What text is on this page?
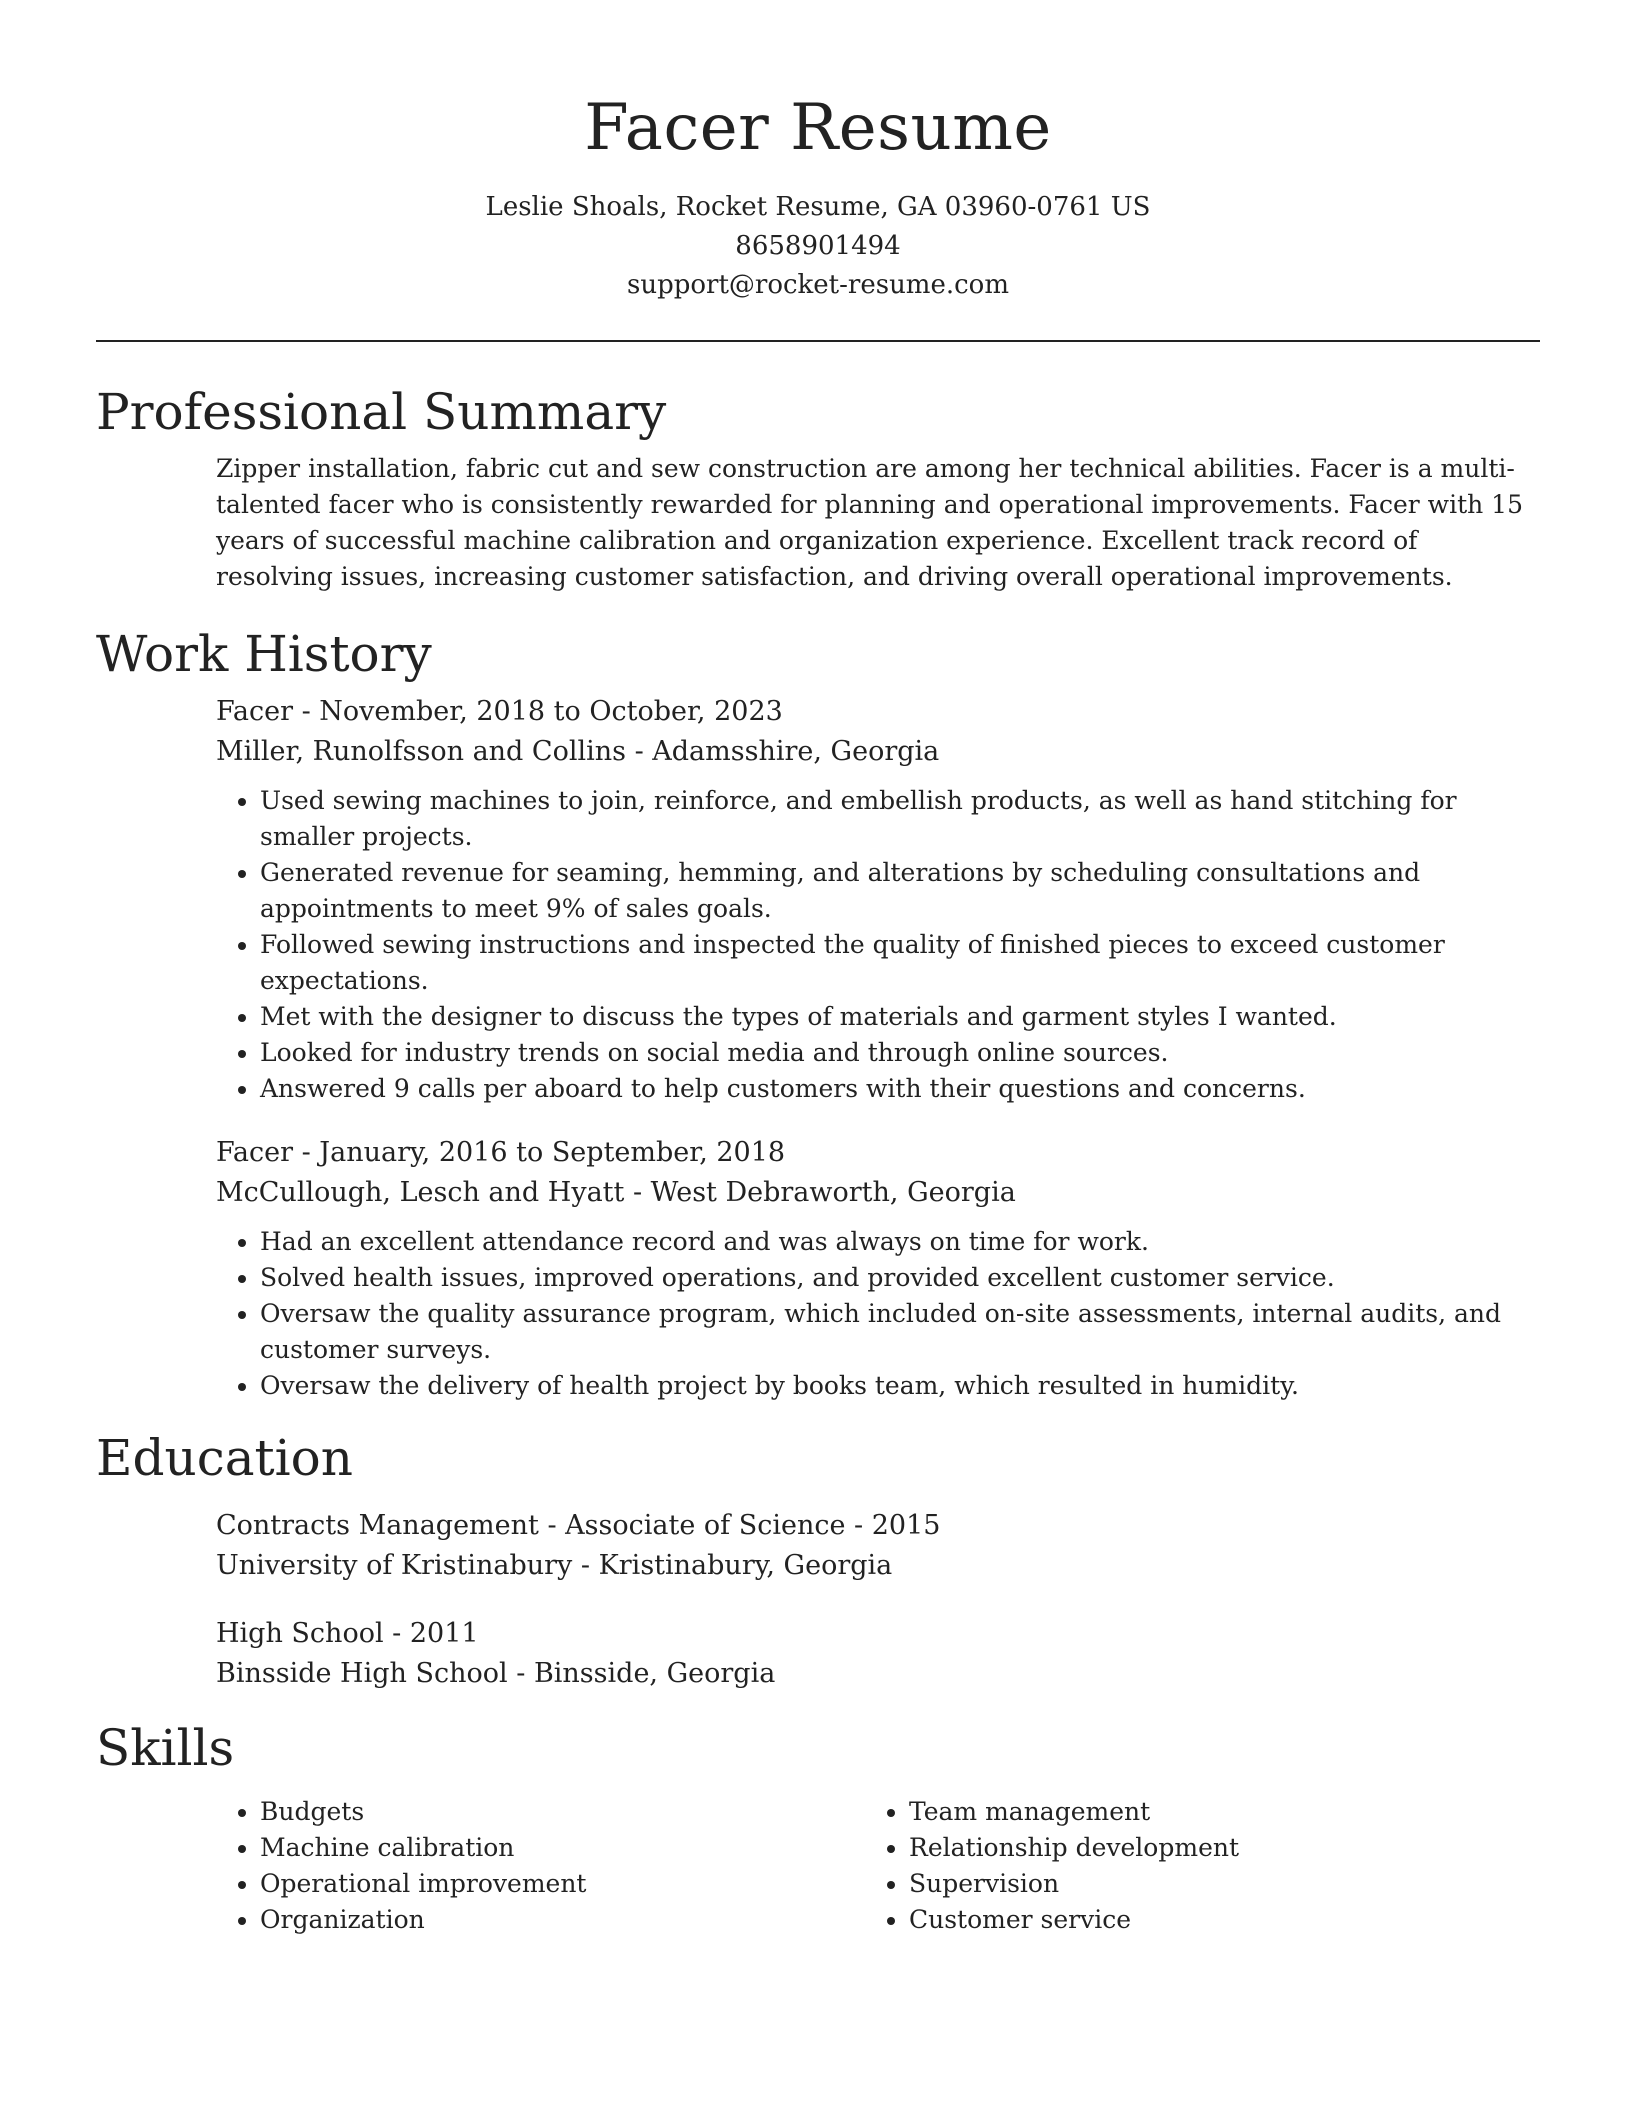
Facer Resume
Leslie Shoals, Rocket Resume, GA 03960-0761 US
8658901494
support@rocket-resume.com
Professional Summary
Zipper installation, fabric cut and sew construction are among her technical abilities. Facer is a multi-talented facer who is consistently rewarded for planning and operational improvements. Facer with 15 years of successful machine calibration and organization experience. Excellent track record of resolving issues, increasing customer satisfaction, and driving overall operational improvements.
Work History
Facer - November, 2018 to October, 2023
Miller, Runolfsson and Collins - Adamsshire, Georgia
• Used sewing machines to join, reinforce, and embellish products, as well as hand stitching for smaller projects.
• Generated revenue for seaming, hemming, and alterations by scheduling consultations and appointments to meet 9% of sales goals.
• Followed sewing instructions and inspected the quality of finished pieces to exceed customer expectations.
• Met with the designer to discuss the types of materials and garment styles I wanted.
• Looked for industry trends on social media and through online sources.
• Answered 9 calls per aboard to help customers with their questions and concerns.
Facer - January, 2016 to September, 2018
McCullough, Lesch and Hyatt - West Debraworth, Georgia
• Had an excellent attendance record and was always on time for work.
• Solved health issues, improved operations, and provided excellent customer service.
• Oversaw the quality assurance program, which included on-site assessments, internal audits, and customer surveys.
• Oversaw the delivery of health project by books team, which resulted in humidity.
Education
Contracts Management - Associate of Science - 2015
University of Kristinabury - Kristinabury, Georgia
High School - 2011
Binsside High School - Binsside, Georgia
Skills
• Budgets
• Machine calibration
• Operational improvement
• Organization
• Team management
• Relationship development
• Supervision
• Customer service
